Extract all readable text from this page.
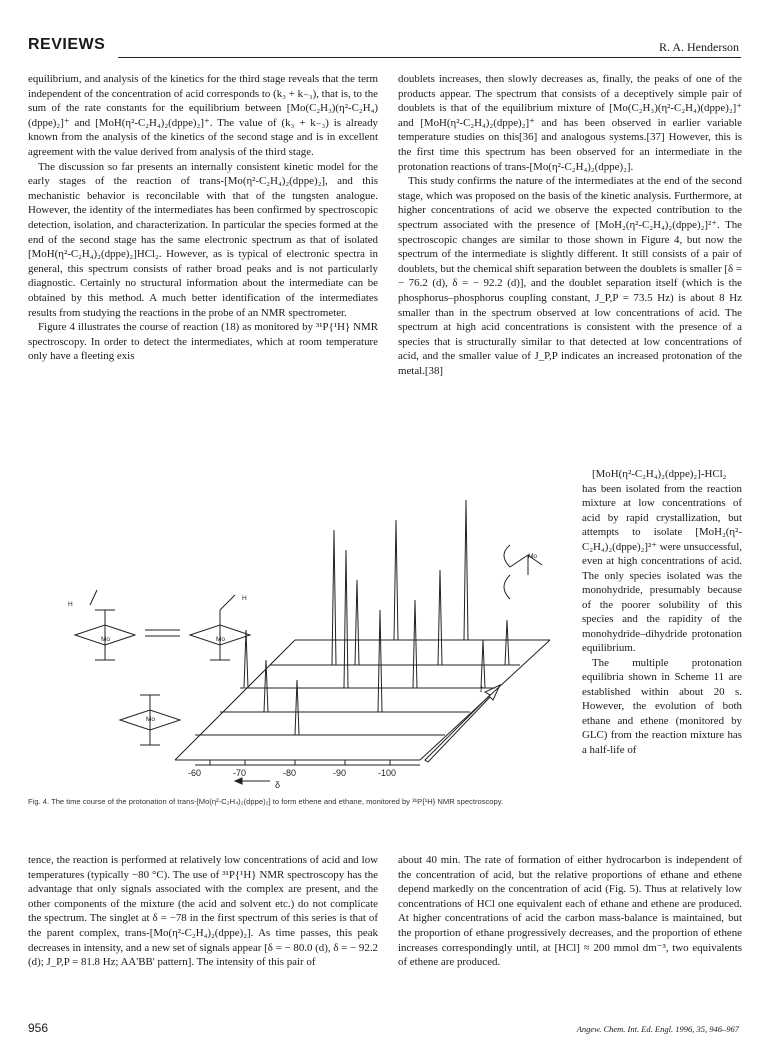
REVIEWS	R. A. Henderson

equilibrium, and analysis of the kinetics for the third stage reveals that the term independent of the concentration of acid corresponds to (k₃ + k₋₃), that is, to the sum of the rate constants for the equilibrium between [Mo(C₂H₃)(η²-C₂H₄)(dppe)₂]⁺ and [MoH(η²-C₂H₄)₂(dppe)₂]⁺. The value of (k₃ + k₋₃) is already known from the analysis of the kinetics of the second stage and is in excellent agreement with the value derived from analysis of the third stage.

The discussion so far presents an internally consistent kinetic model for the early stages of the reaction of trans-[Mo(η²-C₂H₄)₂(dppe)₂], and this mechanistic behavior is reconcilable with that of the tungsten analogue. However, the identity of the intermediates has been confirmed by spectroscopic detection, isolation, and characterization. In particular the species formed at the end of the second stage has the same electronic spectrum as that of isolated [MoH(η²-C₂H₄)₂(dppe)₂]HCl₂. However, as is typical of electronic spectra in general, this spectrum consists of rather broad peaks and is not particularly diagnostic. Certainly no structural information about the intermediate can be obtained by this method. A much better identification of the intermediates results from studying the reactions in the probe of an NMR spectrometer.

Figure 4 illustrates the course of reaction (18) as monitored by ³¹P{¹H} NMR spectroscopy. In order to detect the intermediates, which at room temperature only have a fleeting exis

doublets increases, then slowly decreases as, finally, the peaks of one of the products appear. The spectrum that consists of a deceptively simple pair of doublets is that of the equilibrium mixture of [Mo(C₂H₃)(η²-C₂H₄)(dppe)₂]⁺ and [MoH(η²-C₂H₄)₂(dppe)₂]⁺ and has been observed in earlier variable temperature studies on this[36] and analogous systems.[37] However, this is the first time this spectrum has been observed for an intermediate in the protonation reactions of trans-[Mo(η²-C₂H₄)₂(dppe)₂].

This study confirms the nature of the intermediates at the end of the second stage, which was proposed on the basis of the kinetic analysis. Furthermore, at higher concentrations of acid we observe the expected contribution to the spectrum associated with the presence of [MoH₂(η²-C₂H₄)₂(dppe)₂]²⁺. The spectroscopic changes are similar to those shown in Figure 4, but now the spectrum of the intermediate is slightly different. It still consists of a pair of doublets, but the chemical shift separation between the doublets is smaller [δ = − 76.2 (d), δ = − 92.2 (d)], and the doublet separation itself (which is the phosphorus–phosphorus coupling constant, J_P,P = 73.5 Hz) is about 8 Hz smaller than in the spectrum observed at low concentrations of acid. The spectrum at high acid concentrations is consistent with the presence of a species that is structurally similar to that detected at low concentrations of acid, and the smaller value of J_P,P indicates an increased protonation of the metal.[38]

[MoH(η²-C₂H₄)₂(dppe)₂]-HCl₂ has been isolated from the reaction mixture at low concentrations of acid by rapid crystallization, but attempts to isolate [MoH₂(η²-C₂H₄)₂(dppe)₂]²⁺ were unsuccessful, even at high concentrations of acid. The only species isolated was the monohydride, presumably because of the poorer solubility of this species and the rapidity of the monohydride–dihydride protonation equilibrium.

The multiple protonation equilibria shown in Scheme 11 are established within about 20 s. However, the evolution of both ethane and ethene (monitored by GLC) from the reaction mixture has a half-life of

H
Mo	Mo
Mo
H
Mo
-60	-70	-80	-90	-100
δ
t
Fig. 4. The time course of the protonation of trans-[Mo(η²-C₂H₄)₂(dppe)₂] to form ethene and ethane, monitored by ³¹P{¹H} NMR spectroscopy.

tence, the reaction is performed at relatively low concentrations of acid and low temperatures (typically −80 °C). The use of ³¹P{¹H} NMR spectroscopy has the advantage that only signals associated with the complex are present, and the other components of the mixture (the acid and solvent etc.) do not complicate the spectrum. The singlet at δ = −78 in the first spectrum of this series is that of the parent complex, trans-[Mo(η²-C₂H₄)₂(dppe)₂]. As time passes, this peak decreases in intensity, and a new set of signals appear [δ = − 80.0 (d), δ = − 92.2 (d); J_P,P = 81.8 Hz; AA'BB' pattern]. The intensity of this pair of

about 40 min. The rate of formation of either hydrocarbon is independent of the concentration of acid, but the relative proportions of ethane and ethene depend markedly on the concentration of acid (Fig. 5). Thus at relatively low concentrations of HCl one equivalent each of ethane and ethene are produced. At higher concentrations of acid the carbon mass-balance is maintained, but the proportion of ethane progressively decreases, and the proportion of ethene increases correspondingly until, at [HCl] ≈ 200 mmol dm⁻³, two equivalents of ethene are produced.

956	Angew. Chem. Int. Ed. Engl. 1996, 35, 946–967
